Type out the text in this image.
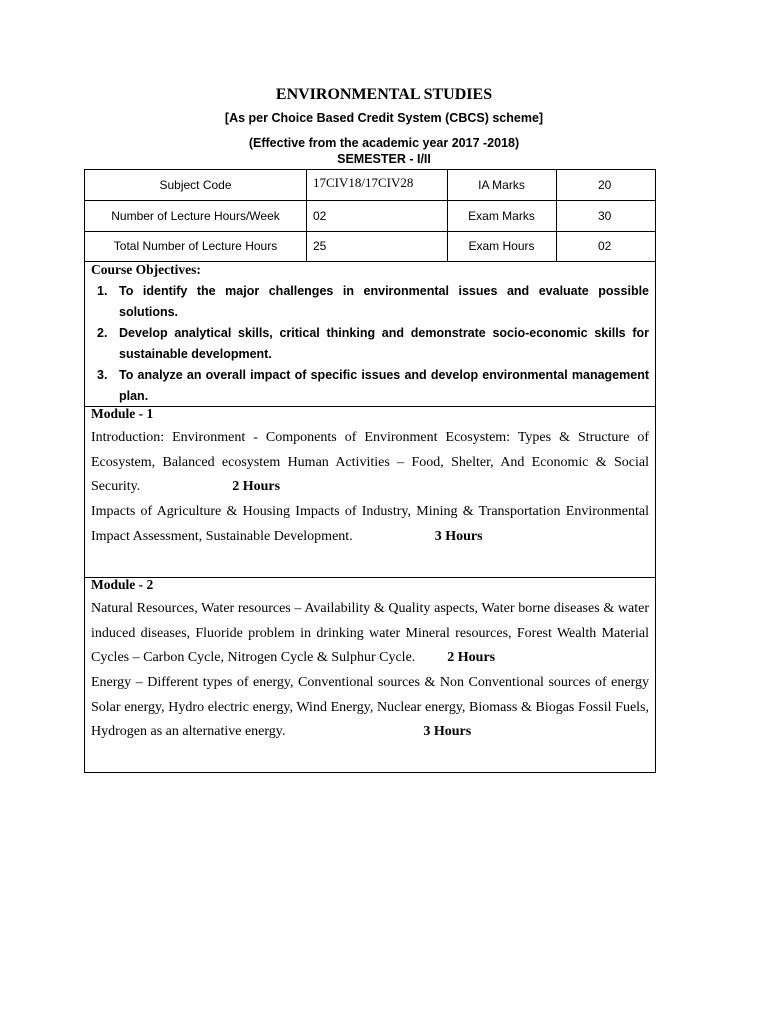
ENVIRONMENTAL STUDIES
[As per Choice Based Credit System (CBCS) scheme]
(Effective from the academic year 2017 -2018)
SEMESTER - I/II
Subject Code	17CIV18/17CIV28	IA Marks	20
Number of Lecture Hours/Week	02	Exam Marks	30
Total Number of Lecture Hours	25	Exam Hours	02
Course Objectives:
1. To identify the major challenges in environmental issues and evaluate possible solutions.
2. Develop analytical skills, critical thinking and demonstrate socio-economic skills for sustainable development.
3. To analyze an overall impact of specific issues and develop environmental management plan.
Module - 1
Introduction: Environment - Components of Environment Ecosystem: Types & Structure of Ecosystem, Balanced ecosystem Human Activities – Food, Shelter, And Economic & Social Security.	2 Hours
Impacts of Agriculture & Housing Impacts of Industry, Mining & Transportation Environmental Impact Assessment, Sustainable Development.	3 Hours
Module - 2
Natural Resources, Water resources – Availability & Quality aspects, Water borne diseases & water induced diseases, Fluoride problem in drinking water Mineral resources, Forest Wealth Material Cycles – Carbon Cycle, Nitrogen Cycle & Sulphur Cycle. 2 Hours
Energy – Different types of energy, Conventional sources & Non Conventional sources of energy Solar energy, Hydro electric energy, Wind Energy, Nuclear energy, Biomass & Biogas Fossil Fuels, Hydrogen as an alternative energy.	3 Hours
